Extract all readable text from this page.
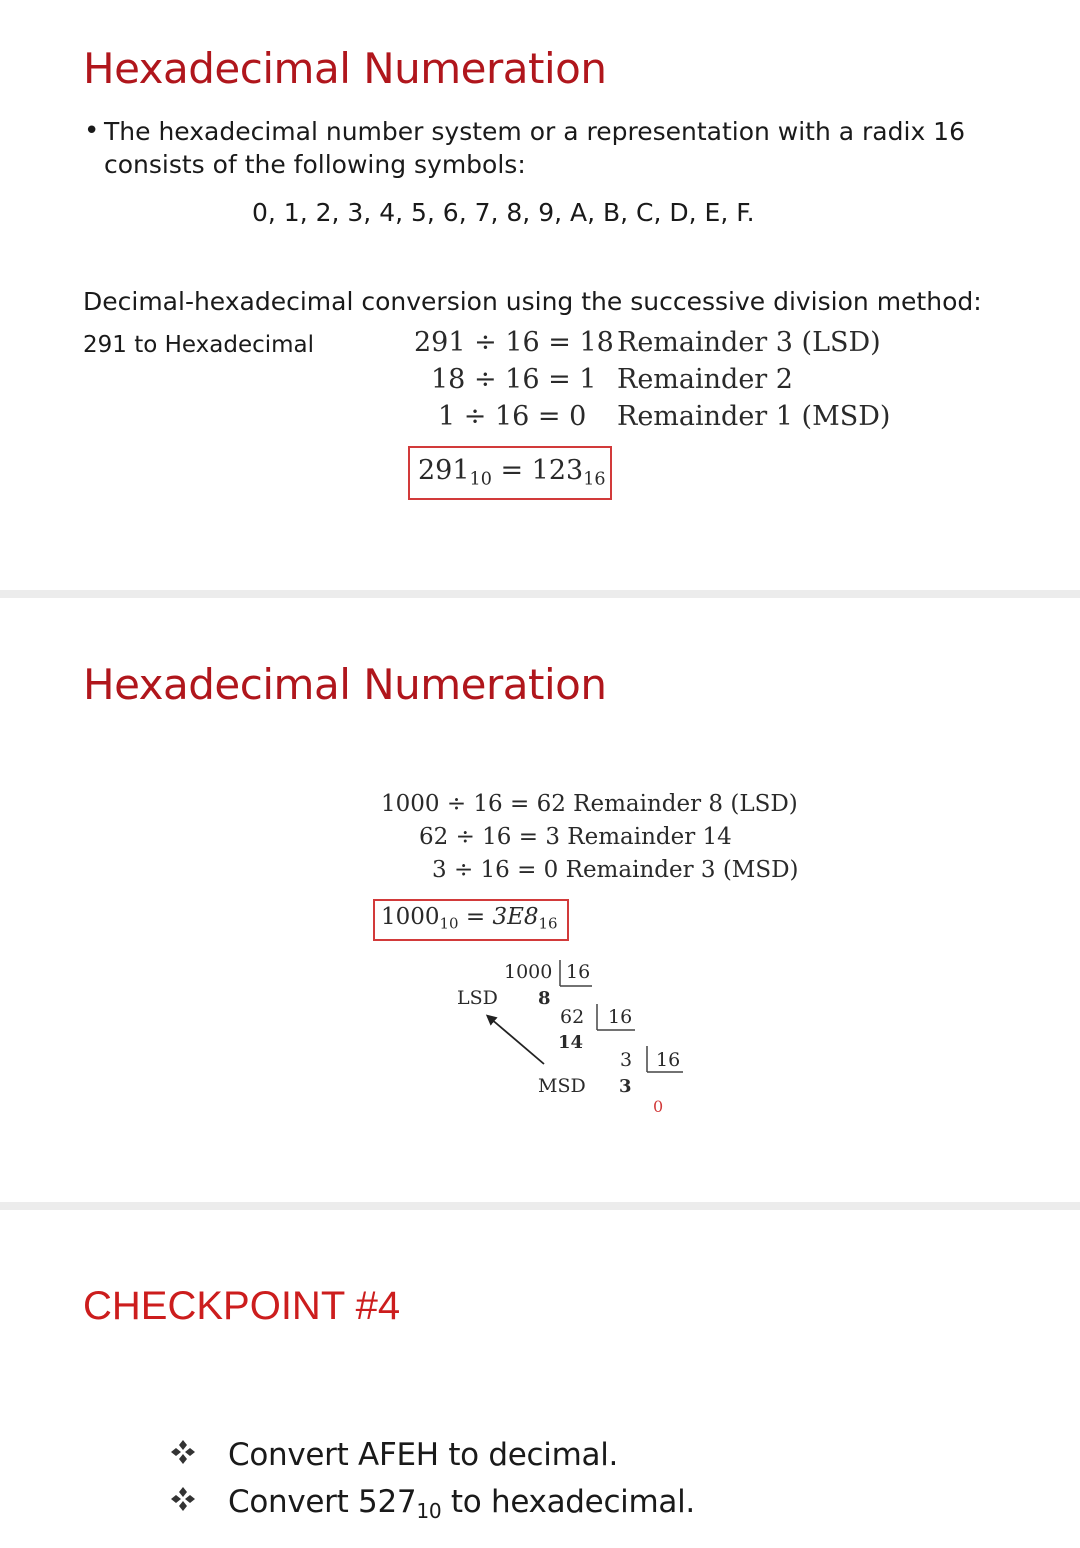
Hexadecimal Numeration
• The hexadecimal number system or a representation with a radix 16
consists of the following symbols:
0, 1, 2, 3, 4, 5, 6, 7, 8, 9, A, B, C, D, E, F.
Decimal-hexadecimal conversion using the successive division method:
291 to Hexadecimal	291 ÷ 16 = 18 Remainder 3 (LSD)
18 ÷ 16 = 1 Remainder 2
1 ÷ 16 = 0 Remainder 1 (MSD)
$291_{10} = 123_{16}$
Hexadecimal Numeration
1000 ÷ 16 = 62 Remainder 8 (LSD)
62 ÷ 16 = 3 Remainder 14
3 ÷ 16 = 0 Remainder 3 (MSD)
$1000_{10} = 3E8_{16}$
1000 16
LSD 8
62 16
14
3 16
MSD 3
0
CHECKPOINT #4
Convert AFEH to decimal.
Convert $527_{10}$ to hexadecimal.
